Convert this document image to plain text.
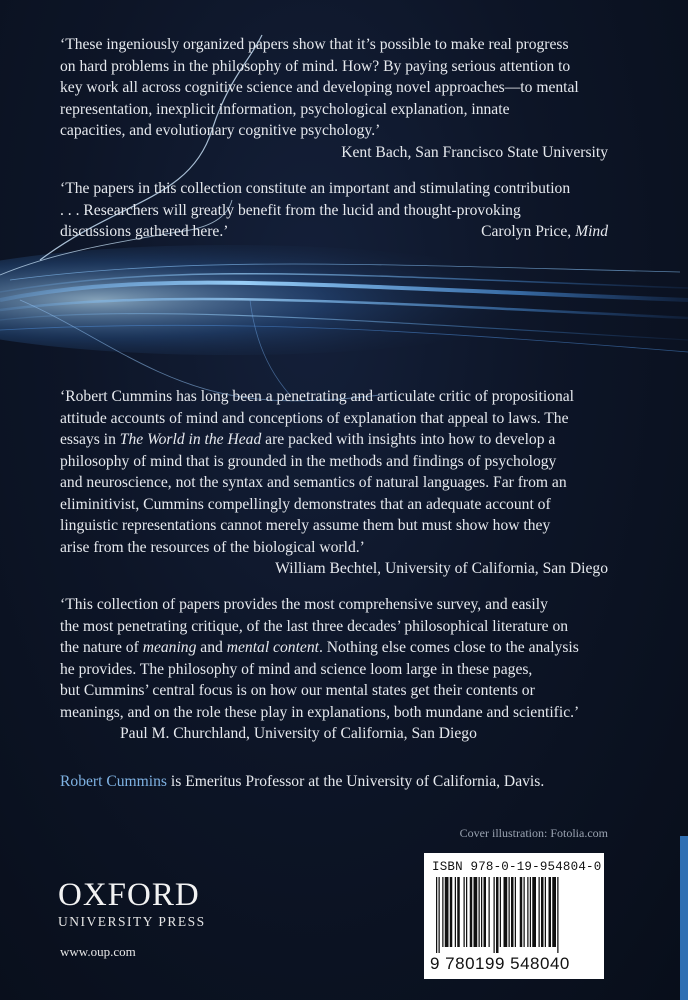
‘These ingeniously organized papers show that it’s possible to make real progress

on hard problems in the philosophy of mind. How? By paying serious attention to

key work all across cognitive science and developing novel approaches—to mental

representation, inexplicit information, psychological explanation, innate

capacities, and evolutionary cognitive psychology.’

Kent Bach, San Francisco State University

‘The papers in this collection constitute an important and stimulating contribution

. . . Researchers will greatly benefit from the lucid and thought-provoking

discussions gathered here.’	Carolyn Price, Mind

‘Robert Cummins has long been a penetrating and articulate critic of propositional

attitude accounts of mind and conceptions of explanation that appeal to laws. The

essays in The World in the Head are packed with insights into how to develop a

philosophy of mind that is grounded in the methods and findings of psychology

and neuroscience, not the syntax and semantics of natural languages. Far from an

eliminitivist, Cummins compellingly demonstrates that an adequate account of

linguistic representations cannot merely assume them but must show how they

arise from the resources of the biological world.’

William Bechtel, University of California, San Diego

‘This collection of papers provides the most comprehensive survey, and easily

the most penetrating critique, of the last three decades’ philosophical literature on

the nature of meaning and mental content. Nothing else comes close to the analysis

he provides. The philosophy of mind and science loom large in these pages,

but Cummins’ central focus is on how our mental states get their contents or

meanings, and on the role these play in explanations, both mundane and scientific.’

Paul M. Churchland, University of California, San Diego

Robert Cummins is Emeritus Professor at the University of California, Davis.
Cover illustration: Fotolia.com
OXFORD
UNIVERSITY PRESS
www.oup.com
ISBN 978-0-19-954804-0
9 780199 548040
